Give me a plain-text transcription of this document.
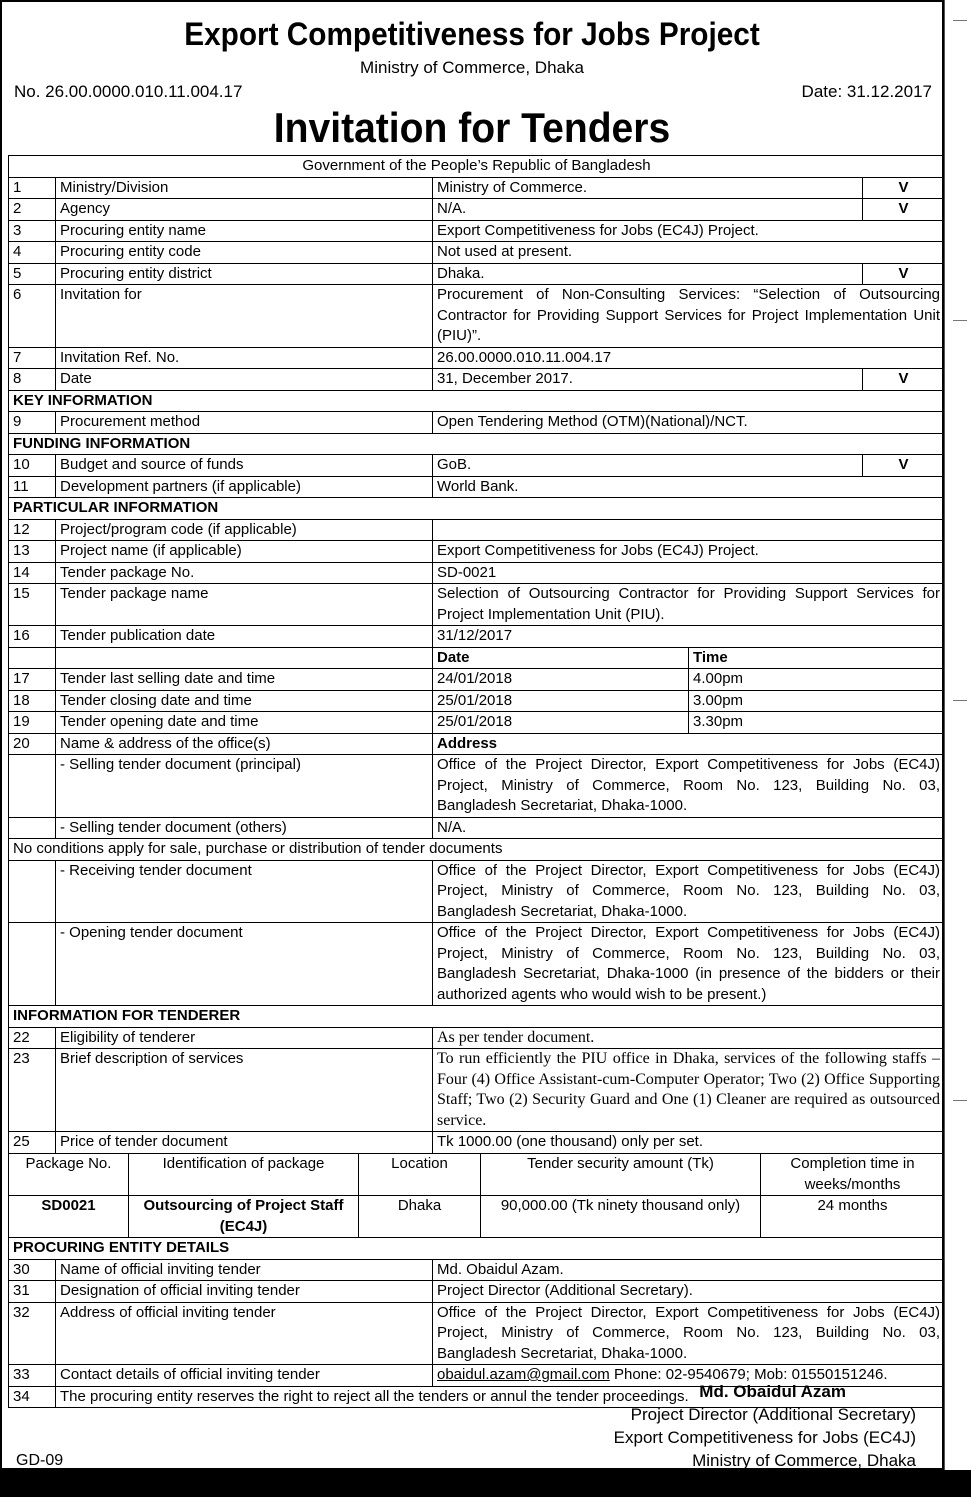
Export Competitiveness for Jobs Project
Ministry of Commerce, Dhaka
No. 26.00.0000.010.11.004.17	Date: 31.12.2017
Invitation for Tenders
Government of the People’s Republic of Bangladesh				
1	Ministry/Division	Ministry of Commerce.		V
2	Agency	N/A.		V
3	Procuring entity name	Export Competitiveness for Jobs (EC4J) Project.		
4	Procuring entity code	Not used at present.		
5	Procuring entity district	Dhaka.		V
6	Invitation for	Procurement of Non-Consulting Services: “Selection of Outsourcing Contractor for Providing Support Services for Project Implementation Unit (PIU)”.		
7	Invitation Ref. No.	26.00.0000.010.11.004.17		
8	Date	31, December 2017.		V
KEY INFORMATION				
9	Procurement method	Open Tendering Method (OTM)(National)/NCT.		
FUNDING INFORMATION				
10	Budget and source of funds	GoB.		V
11	Development partners (if applicable)	World Bank.		
PARTICULAR INFORMATION				
12	Project/program code (if applicable)			
13	Project name (if applicable)	Export Competitiveness for Jobs (EC4J) Project.		
14	Tender package No.	SD-0021		
15	Tender package name	Selection of Outsourcing Contractor for Providing Support Services for Project Implementation Unit (PIU).		
16	Tender publication date	31/12/2017		
		Date	Time	
17	Tender last selling date and time	24/01/2018	4.00pm	
18	Tender closing date and time	25/01/2018	3.00pm	
19	Tender opening date and time	25/01/2018	3.30pm	
20	Name & address of the office(s)	Address		
	- Selling tender document (principal)	Office of the Project Director, Export Competitiveness for Jobs (EC4J) Project, Ministry of Commerce, Room No. 123, Building No. 03, Bangladesh Secretariat, Dhaka-1000.		
	- Selling tender document (others)	N/A.		
No conditions apply for sale, purchase or distribution of tender documents				
	- Receiving tender document	Office of the Project Director, Export Competitiveness for Jobs (EC4J) Project, Ministry of Commerce, Room No. 123, Building No. 03, Bangladesh Secretariat, Dhaka-1000.		
	- Opening tender document	Office of the Project Director, Export Competitiveness for Jobs (EC4J) Project, Ministry of Commerce, Room No. 123, Building No. 03, Bangladesh Secretariat, Dhaka-1000 (in presence of the bidders or their authorized agents who would wish to be present.)		
INFORMATION FOR TENDERER				
22	Eligibility of tenderer	As per tender document.		
23	Brief description of services	To run efficiently the PIU office in Dhaka, services of the following staffs – Four (4) Office Assistant-cum-Computer Operator; Two (2) Office Supporting Staff; Two (2) Security Guard and One (1) Cleaner are required as outsourced service.		
25	Price of tender document	Tk 1000.00 (one thousand) only per set.		
Package No.	Identification of package	Location	Tender security amount (Tk)	Completion time in weeks/months
SD0021	Outsourcing of Project Staff (EC4J)	Dhaka	90,000.00 (Tk ninety thousand only)	24 months
PROCURING ENTITY DETAILS		
30	Name of official inviting tender	Md. Obaidul Azam.
31	Designation of official inviting tender	Project Director (Additional Secretary).
32	Address of official inviting tender	Office of the Project Director, Export Competitiveness for Jobs (EC4J) Project, Ministry of Commerce, Room No. 123, Building No. 03, Bangladesh Secretariat, Dhaka-1000.
33	Contact details of official inviting tender	obaidul.azam@gmail.com Phone: 02-9540679; Mob: 01550151246.
34	The procuring entity reserves the right to reject all the tenders or annul the tender proceedings.	Md. Obaidul Azam
Project Director (Additional Secretary)
Export Competitiveness for Jobs (EC4J)
Ministry of Commerce, Dhaka
GD-09
